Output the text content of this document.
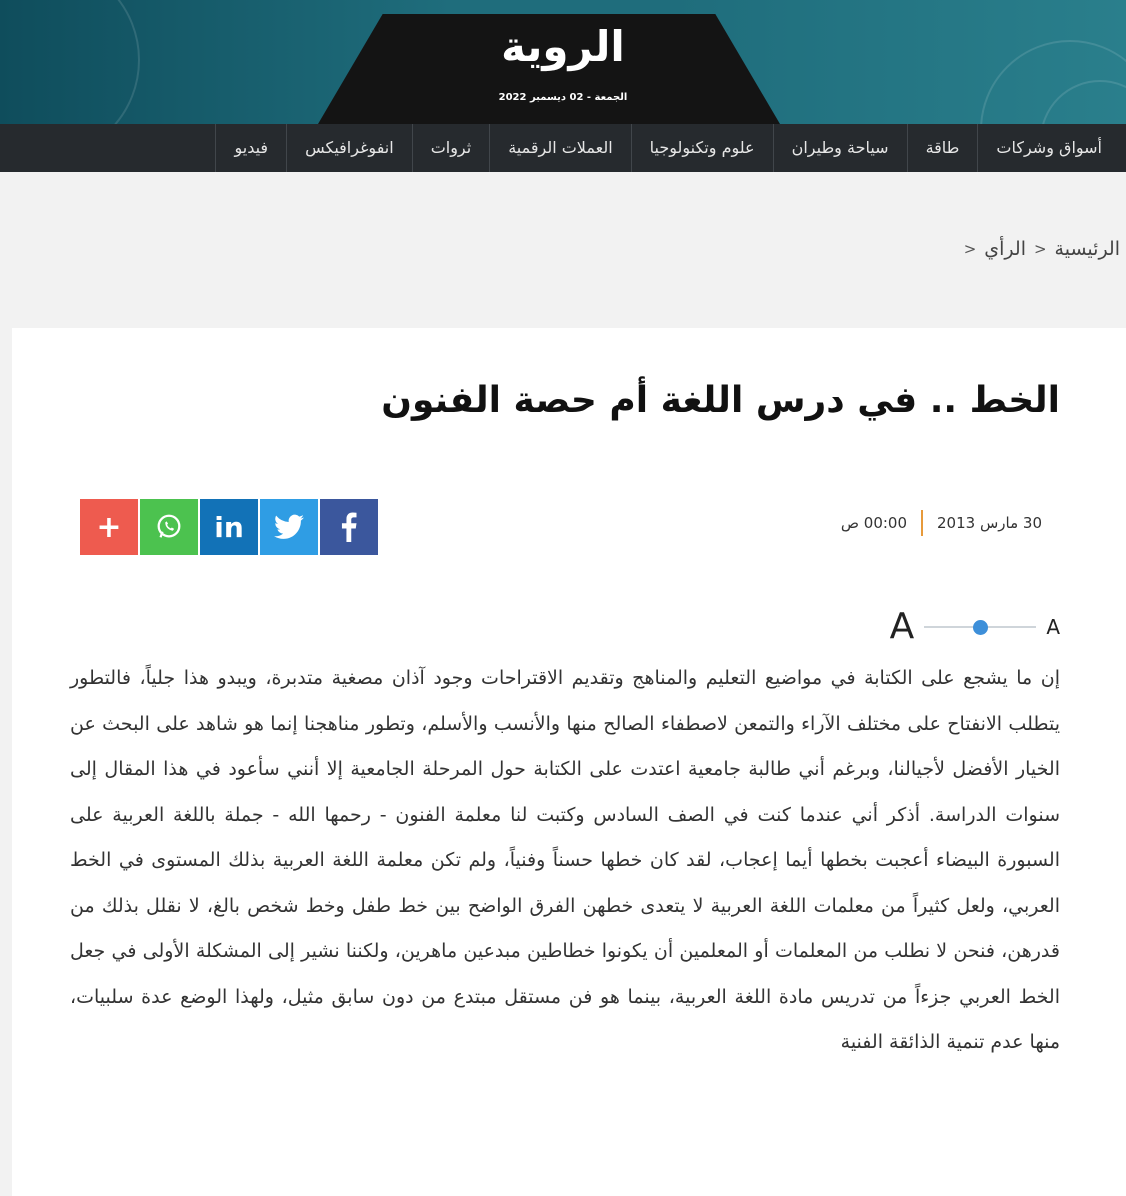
الروية
الجمعة - 02 ديسمبر 2022
أسواق وشركات
طاقة
سياحة وطيران
علوم وتكنولوجيا
العملات الرقمية
ثروات
انفوغرافيكس
فيديو
الرئيسية
<
الرأي
<
الخط .. في درس اللغة أم حصة الفنون
30 مارس 2013
00:00 ص
+	in
A	A

إن ما يشجع على الكتابة في مواضيع التعليم والمناهج وتقديم الاقتراحات وجود آذان مصغية متدبرة، ويبدو هذا جلياً، فالتطور يتطلب الانفتاح على مختلف الآراء والتمعن لاصطفاء الصالح منها والأنسب والأسلم، وتطور مناهجنا إنما هو شاهد على البحث عن الخيار الأفضل لأجيالنا، وبرغم أني طالبة جامعية اعتدت على الكتابة حول المرحلة الجامعية إلا أنني سأعود في هذا المقال إلى سنوات الدراسة. أذكر أني عندما كنت في الصف السادس وكتبت لنا معلمة الفنون - رحمها الله - جملة باللغة العربية على السبورة البيضاء أعجبت بخطها أيما إعجاب، لقد كان خطها حسناً وفنياً، ولم تكن معلمة اللغة العربية بذلك المستوى في الخط العربي، ولعل كثيراً من معلمات اللغة العربية لا يتعدى خطهن الفرق الواضح بين خط طفل وخط شخص بالغ، لا نقلل بذلك من قدرهن، فنحن لا نطلب من المعلمات أو المعلمين أن يكونوا خطاطين مبدعين ماهرين، ولكننا نشير إلى المشكلة الأولى في جعل الخط العربي جزءاً من تدريس مادة اللغة العربية، بينما هو فن مستقل مبتدع من دون سابق مثيل، ولهذا الوضع عدة سلبيات، منها عدم تنمية الذائقة الفنية
